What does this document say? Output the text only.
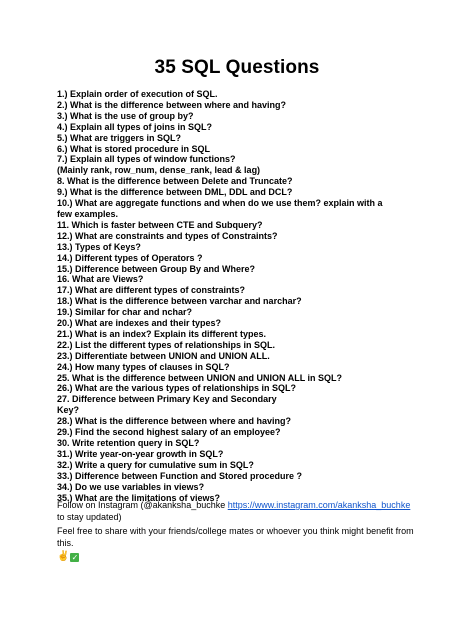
35 SQL Questions
1.) Explain order of execution of SQL.
2.) What is the difference between where and having?
3.) What is the use of group by?
4.) Explain all types of joins in SQL?
5.) What are triggers in SQL?
6.) What is stored procedure in SQL
7.) Explain all types of window functions?
(Mainly rank, row_num, dense_rank, lead & lag)
8. What is the difference between Delete and Truncate?
9.) What is the difference between DML, DDL and DCL?
10.) What are aggregate functions and when do we use them? explain with a few examples.
11. Which is faster between CTE and Subquery?
12.) What are constraints and types of Constraints?
13.) Types of Keys?
14.) Different types of Operators ?
15.) Difference between Group By and Where?
16. What are Views?
17.) What are different types of constraints?
18.) What is the difference between varchar and narchar?
19.) Similar for char and nchar?
20.) What are indexes and their types?
21.) What is an index? Explain its different types.
22.) List the different types of relationships in SQL.
23.) Differentiate between UNION and UNION ALL.
24.) How many types of clauses in SQL?
25. What is the difference between UNION and UNION ALL in SQL?
26.) What are the various types of relationships in SQL?
27. Difference between Primary Key and Secondary Key?
28.) What is the difference between where and having?
29.) Find the second highest salary of an employee?
30. Write retention query in SQL?
31.) Write year-on-year growth in SQL?
32.) Write a query for cumulative sum in SQL?
33.) Difference between Function and Stored procedure ?
34.) Do we use variables in views?
35.) What are the limitations of views?

Follow on Instagram (@akanksha_buchke https://www.instagram.com/akanksha_buchke to stay updated)

Feel free to share with your friends/college mates or whoever you think might benefit from this.

✌ ✓
